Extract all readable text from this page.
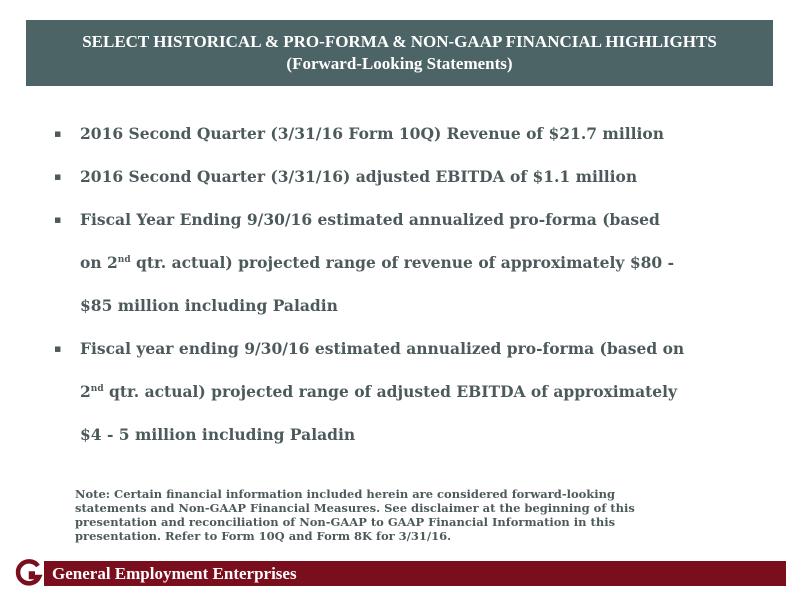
SELECT HISTORICAL & PRO-FORMA & NON-GAAP FINANCIAL HIGHLIGHTS
(Forward-Looking Statements)
▪ 2016 Second Quarter (3/31/16 Form 10Q) Revenue of $21.7 million
▪ 2016 Second Quarter (3/31/16) adjusted EBITDA of $1.1 million
▪ Fiscal Year Ending 9/30/16 estimated annualized pro-forma (based
on 2nd qtr. actual) projected range of revenue of approximately $80 -
$85 million including Paladin
▪ Fiscal year ending 9/30/16 estimated annualized pro-forma (based on
2nd qtr. actual) projected range of adjusted EBITDA of approximately
$4 - 5 million including Paladin
Note: Certain financial information included herein are considered forward-looking
statements and Non-GAAP Financial Measures. See disclaimer at the beginning of this
presentation and reconciliation of Non-GAAP to GAAP Financial Information in this
presentation. Refer to Form 10Q and Form 8K for 3/31/16.
General Employment Enterprises
